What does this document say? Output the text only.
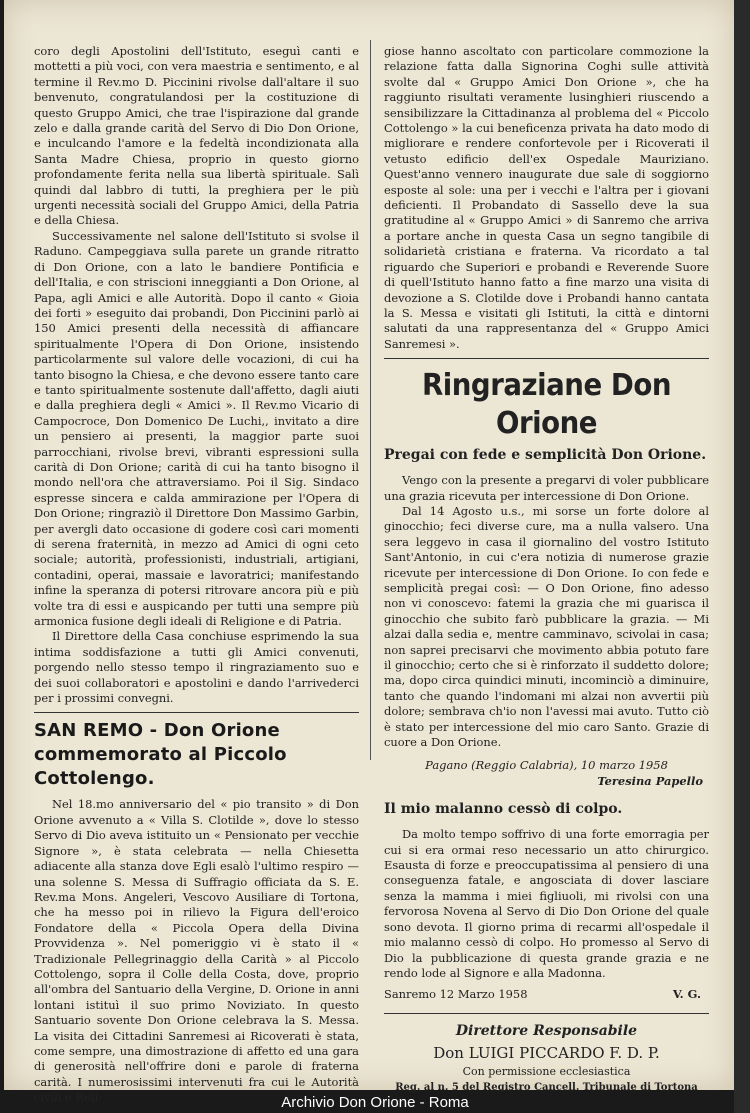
coro degli Apostolini dell'Istituto, eseguì canti e mottetti a più voci, con vera maestria e sentimento, e al termine il Rev.mo D. Piccinini rivolse dall'altare il suo benvenuto, congratulandosi per la costituzione di questo Gruppo Amici, che trae l'ispirazione dal grande zelo e dalla grande carità del Servo di Dio Don Orione, e inculcando l'amore e la fedeltà incondizionata alla Santa Madre Chiesa, proprio in questo giorno profondamente ferita nella sua libertà spirituale. Salì quindi dal labbro di tutti, la preghiera per le più urgenti necessità sociali del Gruppo Amici, della Patria e della Chiesa.

Successivamente nel salone dell'Istituto si svolse il Raduno. Campeggiava sulla parete un grande ritratto di Don Orione, con a lato le bandiere Pontificia e dell'Italia, e con striscioni inneggianti a Don Orione, al Papa, agli Amici e alle Autorità. Dopo il canto « Gioia dei forti » eseguito dai probandi, Don Piccinini parlò ai 150 Amici presenti della necessità di affiancare spiritualmente l'Opera di Don Orione, insistendo particolarmente sul valore delle vocazioni, di cui ha tanto bisogno la Chiesa, e che devono essere tanto care e tanto spiritualmente sostenute dall'affetto, dagli aiuti e dalla preghiera degli « Amici ». Il Rev.mo Vicario di Campocroce, Don Domenico De Luchi,, invitato a dire un pensiero ai presenti, la maggior parte suoi parrocchiani, rivolse brevi, vibranti espressioni sulla carità di Don Orione; carità di cui ha tanto bisogno il mondo nell'ora che attraversiamo. Poi il Sig. Sindaco espresse sincera e calda ammirazione per l'Opera di Don Orione; ringraziò il Direttore Don Massimo Garbin, per avergli dato occasione di godere così cari momenti di serena fraternità, in mezzo ad Amici di ogni ceto sociale; autorità, professionisti, industriali, artigiani, contadini, operai, massaie e lavoratrici; manifestando infine la speranza di potersi ritrovare ancora più e più volte tra di essi e auspicando per tutti una sempre più armonica fusione degli ideali di Religione e di Patria.

Il Direttore della Casa conchiuse esprimendo la sua intima soddisfazione a tutti gli Amici convenuti, porgendo nello stesso tempo il ringraziamento suo e dei suoi collaboratori e apostolini e dando l'arrivederci per i prossimi convegni.

SAN REMO - Don Orione commemorato al Piccolo Cottolengo.

Nel 18.mo anniversario del « pio transito » di Don Orione avvenuto a « Villa S. Clotilde », dove lo stesso Servo di Dio aveva istituito un « Pensionato per vecchie Signore », è stata celebrata — nella Chiesetta adiacente alla stanza dove Egli esalò l'ultimo respiro — una solenne S. Messa di Suffragio officiata da S. E. Rev.ma Mons. Angeleri, Vescovo Ausiliare di Tortona, che ha messo poi in rilievo la Figura dell'eroico Fondatore della « Piccola Opera della Divina Provvidenza ». Nel pomeriggio vi è stato il « Tradizionale Pellegrinaggio della Carità » al Piccolo Cottolengo, sopra il Colle della Costa, dove, proprio all'ombra del Santuario della Vergine, D. Orione in anni lontani istituì il suo primo Noviziato. In questo Santuario sovente Don Orione celebrava la S. Messa. La visita dei Cittadini Sanremesi ai Ricoverati è stata, come sempre, una dimostrazione di affetto ed una gara di generosità nell'offrire doni e parole di fraterna carità. I numerosissimi intervenuti fra cui le Autorità civili e Reli-

giose hanno ascoltato con particolare commozione la relazione fatta dalla Signorina Coghi sulle attività svolte dal « Gruppo Amici Don Orione », che ha raggiunto risultati veramente lusinghieri riuscendo a sensibilizzare la Cittadinanza al problema del « Piccolo Cottolengo » la cui beneficenza privata ha dato modo di migliorare e rendere confortevole per i Ricoverati il vetusto edificio dell'ex Ospedale Mauriziano. Quest'anno vennero inaugurate due sale di soggiorno esposte al sole: una per i vecchi e l'altra per i giovani deficienti. Il Probandato di Sassello deve la sua gratitudine al « Gruppo Amici » di Sanremo che arriva a portare anche in questa Casa un segno tangibile di solidarietà cristiana e fraterna. Va ricordato a tal riguardo che Superiori e probandi e Reverende Suore di quell'Istituto hanno fatto a fine marzo una visita di devozione a S. Clotilde dove i Probandi hanno cantata la S. Messa e visitati gli Istituti, la città e dintorni salutati da una rappresentanza del « Gruppo Amici Sanremesi ».

Ringraziane Don Orione
Pregai con fede e semplicità Don Orione.

Vengo con la presente a pregarvi di voler pubblicare una grazia ricevuta per intercessione di Don Orione.

Dal 14 Agosto u.s., mi sorse un forte dolore al ginocchio; feci diverse cure, ma a nulla valsero. Una sera leggevo in casa il giornalino del vostro Istituto Sant'Antonio, in cui c'era notizia di numerose grazie ricevute per intercessione di Don Orione. Io con fede e semplicità pregai così: — O Don Orione, fino adesso non vi conoscevo: fatemi la grazia che mi guarisca il ginocchio che subito farò pubblicare la grazia. — Mi alzai dalla sedia e, mentre camminavo, scivolai in casa; non saprei precisarvi che movimento abbia potuto fare il ginocchio; certo che si è rinforzato il suddetto dolore; ma, dopo circa quindici minuti, incominciò a diminuire, tanto che quando l'indomani mi alzai non avvertii più dolore; sembrava ch'io non l'avessi mai avuto. Tutto ciò è stato per intercessione del mio caro Santo. Grazie di cuore a Don Orione.

Pagano (Reggio Calabria), 10 marzo 1958

Teresina Papello

Il mio malanno cessò di colpo.

Da molto tempo soffrivo di una forte emorragia per cui si era ormai reso necessario un atto chirurgico. Esausta di forze e preoccupatissima al pensiero di una conseguenza fatale, e angosciata di dover lasciare senza la mamma i miei figliuoli, mi rivolsi con una fervorosa Novena al Servo di Dio Don Orione del quale sono devota. Il giorno prima di recarmi all'ospedale il mio malanno cessò di colpo. Ho promesso al Servo di Dio la pubblicazione di questa grande grazia e ne rendo lode al Signore e alla Madonna.

Sanremo 12 Marzo 1958	V. G.
Direttore Responsabile
Don LUIGI PICCARDO F. D. P.
Con permissione ecclesiastica
Reg. al n. 5 del Registro Cancell. Tribunale di Tortona
Archivio Don Orione - Roma
